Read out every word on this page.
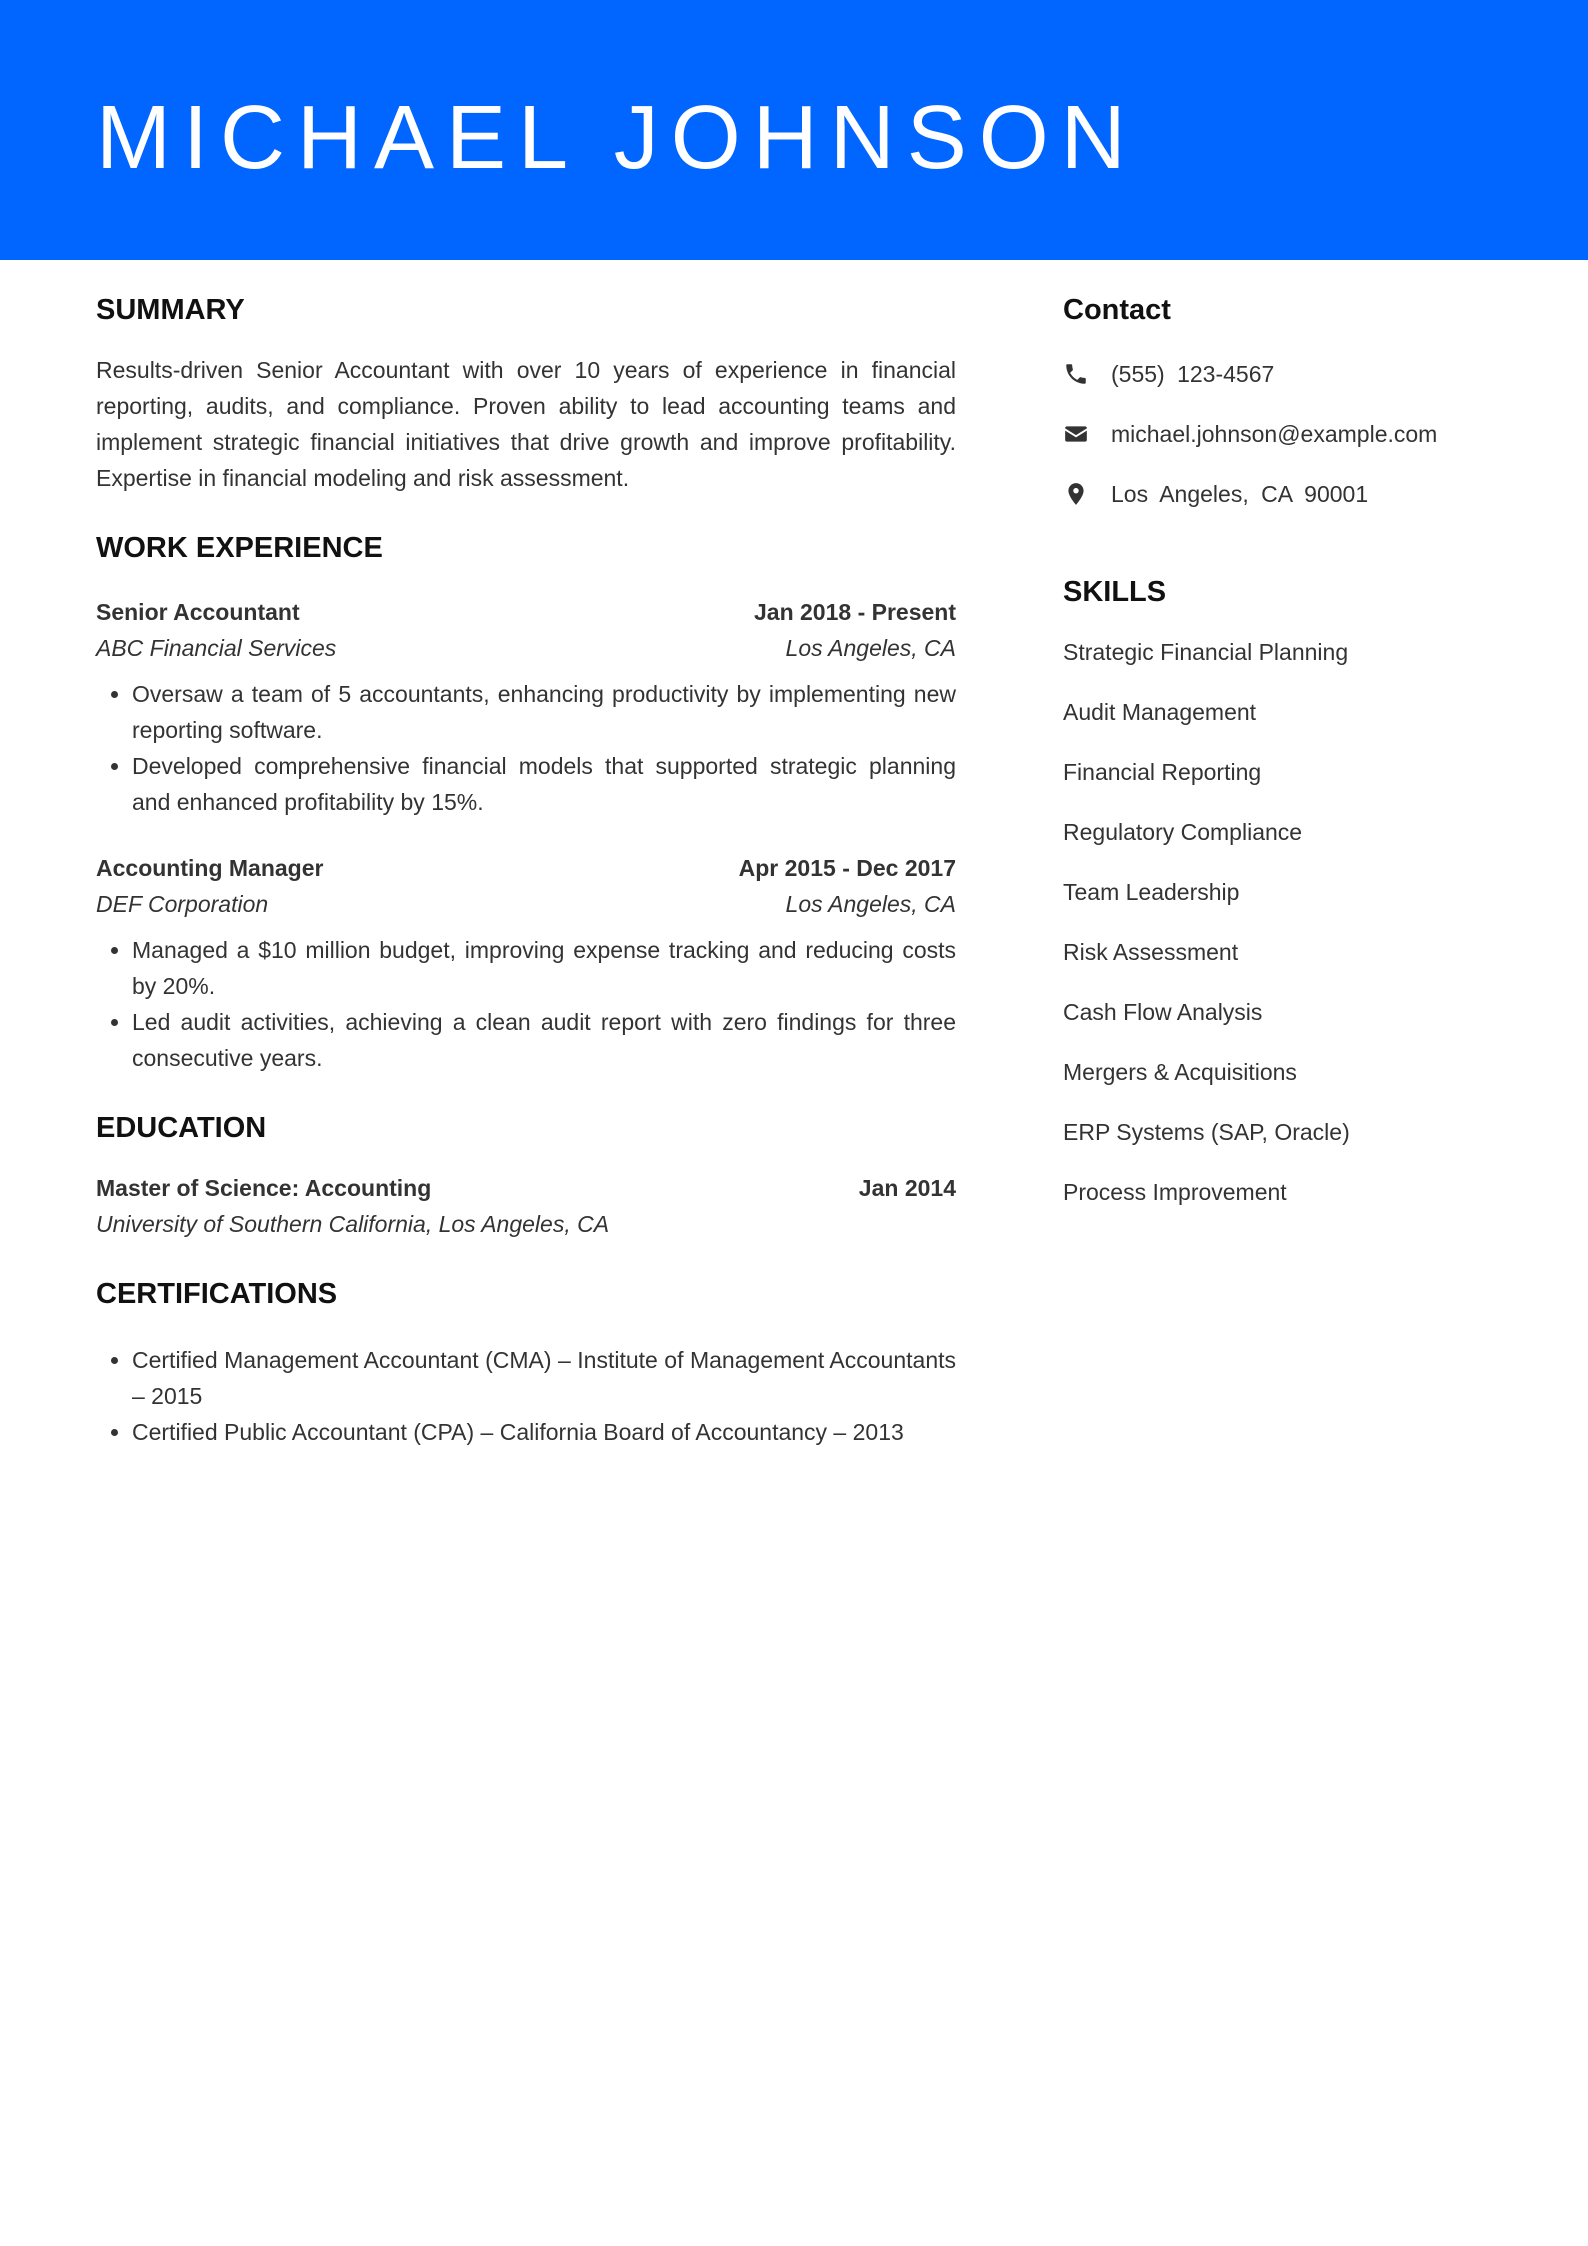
MICHAEL JOHNSON
SUMMARY

Results-driven Senior Accountant with over 10 years of experience in financial reporting, audits, and compliance. Proven ability to lead accounting teams and implement strategic financial initiatives that drive growth and improve profitability. Expertise in financial modeling and risk assessment.

WORK EXPERIENCE
Senior Accountant	Jan 2018 - Present
ABC Financial Services	Los Angeles, CA
• Oversaw a team of 5 accountants, enhancing productivity by implementing new reporting software.
• Developed comprehensive financial models that supported strategic planning and enhanced profitability by 15%.
Accounting Manager	Apr 2015 - Dec 2017
DEF Corporation	Los Angeles, CA
• Managed a $10 million budget, improving expense tracking and reducing costs by 20%.
• Led audit activities, achieving a clean audit report with zero findings for three consecutive years.
EDUCATION
Master of Science: Accounting	Jan 2014
University of Southern California, Los Angeles, CA
CERTIFICATIONS
• Certified Management Accountant (CMA) – Institute of Management Accountants – 2015
• Certified Public Accountant (CPA) – California Board of Accountancy – 2013
Contact
(555) 123-4567
michael.johnson@example.com
Los Angeles, CA 90001
SKILLS
Strategic Financial Planning
Audit Management
Financial Reporting
Regulatory Compliance
Team Leadership
Risk Assessment
Cash Flow Analysis
Mergers & Acquisitions
ERP Systems (SAP, Oracle)
Process Improvement
